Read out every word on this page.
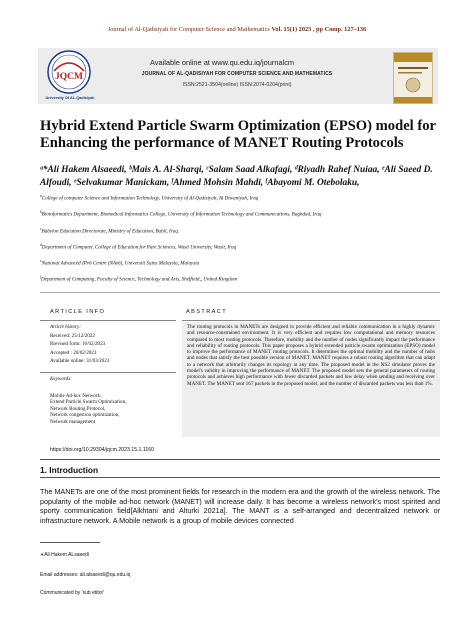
Journal of Al-Qadisiyah for Computer Science and Mathematics Vol. 15(1) 2023 , pp Comp. 127–136
JQCM
University Of AL-Qadisiyah
Available online at www.qu.edu.iq/journalcm
JOURNAL OF AL-QADISIYAH FOR COMPUTER SCIENCE AND MATHEMATICS
ISSN:2521-3504(online) ISSN:2074-0204(print)
Hybrid Extend Particle Swarm Optimization (EPSO) model for Enhancing the performance of MANET Routing Protocols
ᵃ*Ali Hakem Alsaeedi, ᵇMais A. Al-Sharqi, ᶜSalam Saad Alkafagi, ᵈRiyadh Rahef Nuiaa, ᵉAli Saeed D. Alfoudi, ᵉSelvakumar Manickam, ᶠAhmed Mohsin Mahdi, ᶠAbayomi M. Otebolaku,
$^a$College of computer Science and Information Technology, University of Al-Qadisiyah, Al Diwaniyah, Iraq
$^b$Bioinformatics Department, Biomedical Informatics College, University of Information Technology and Communications, Baghdad, Iraq
$^c$Babylon Education Directorate, Ministry of Education, Babil, Iraq.
$^d$Department of Computer, College of Education for Pure Sciences, Wasit University, Wasit, Iraq
$^e$National Advanced IPv6 Centre (NAv6), Universiti Sains Malaysia, Malaysia
$^f$Department of Computing, Faculty of Science, Technology and Arts, Sheffield,, United Kingdom
ARTICLE INFO	ABSTRACT
Article history:
Received: 25/12/2022
Rrevised form: 16/02/2023
Accepted : 20/02/2023
Available online: 31/03/2023
Keywords:
Mobile Ad-hoc Network ,
Extend Particle Swarm Optimization,
Network Routing Protocol,
Network congestion optimization,
Network management

The routing protocols in MANETs are designed to provide efficient and reliable communication in a highly dynamic and resource-constrained environment. It is very efficient and requires low computational and memory resources compared to most routing protocols. Therefore, mobility and the number of nodes significantly impact the performance and reliability of routing protocols. This paper proposes a hybrid extended particle swarm optimization (EPSO) model to improve the performance of MANET routing protocols. It determines the optimal mobility and the number of hubs and nodes that satisfy the best possible version of MANET. MANET requires a robust routing algorithm that can adapt to a network that arbitrarily changes its topology at any time. The proposed model in the NS2 simulator proves the model's validity in improving the performance of MANET. The proposed model sets the general parameters of routing protocols and achieves high performance with fewer discarded packets and low delay when sending and receiving over MANET. The MANET sent 167 packets in the proposed model, and the number of discarded packets was less than 1%.

https://doi.org/10.29304/jqcm.2023.15.1.1160
1. Introduction
The MANETs are one of the most prominent fields for research in the modern era and the growth of the wireless network. The popularity of the mobile ad-hoc network (MANET) will increase daily. It has become a wireless network's most spirited and sporty communication field[Alkhtani and Alturki 2021a]. The MANT is a self-arranged and decentralized network or infrastructure network. A Mobile network is a group of mobile devices connected
∗Ali Hakem ALsaeedi
Email addresses: ali.alsaeedi@qu.edu.iq
Communicated by 'sub etitor'
